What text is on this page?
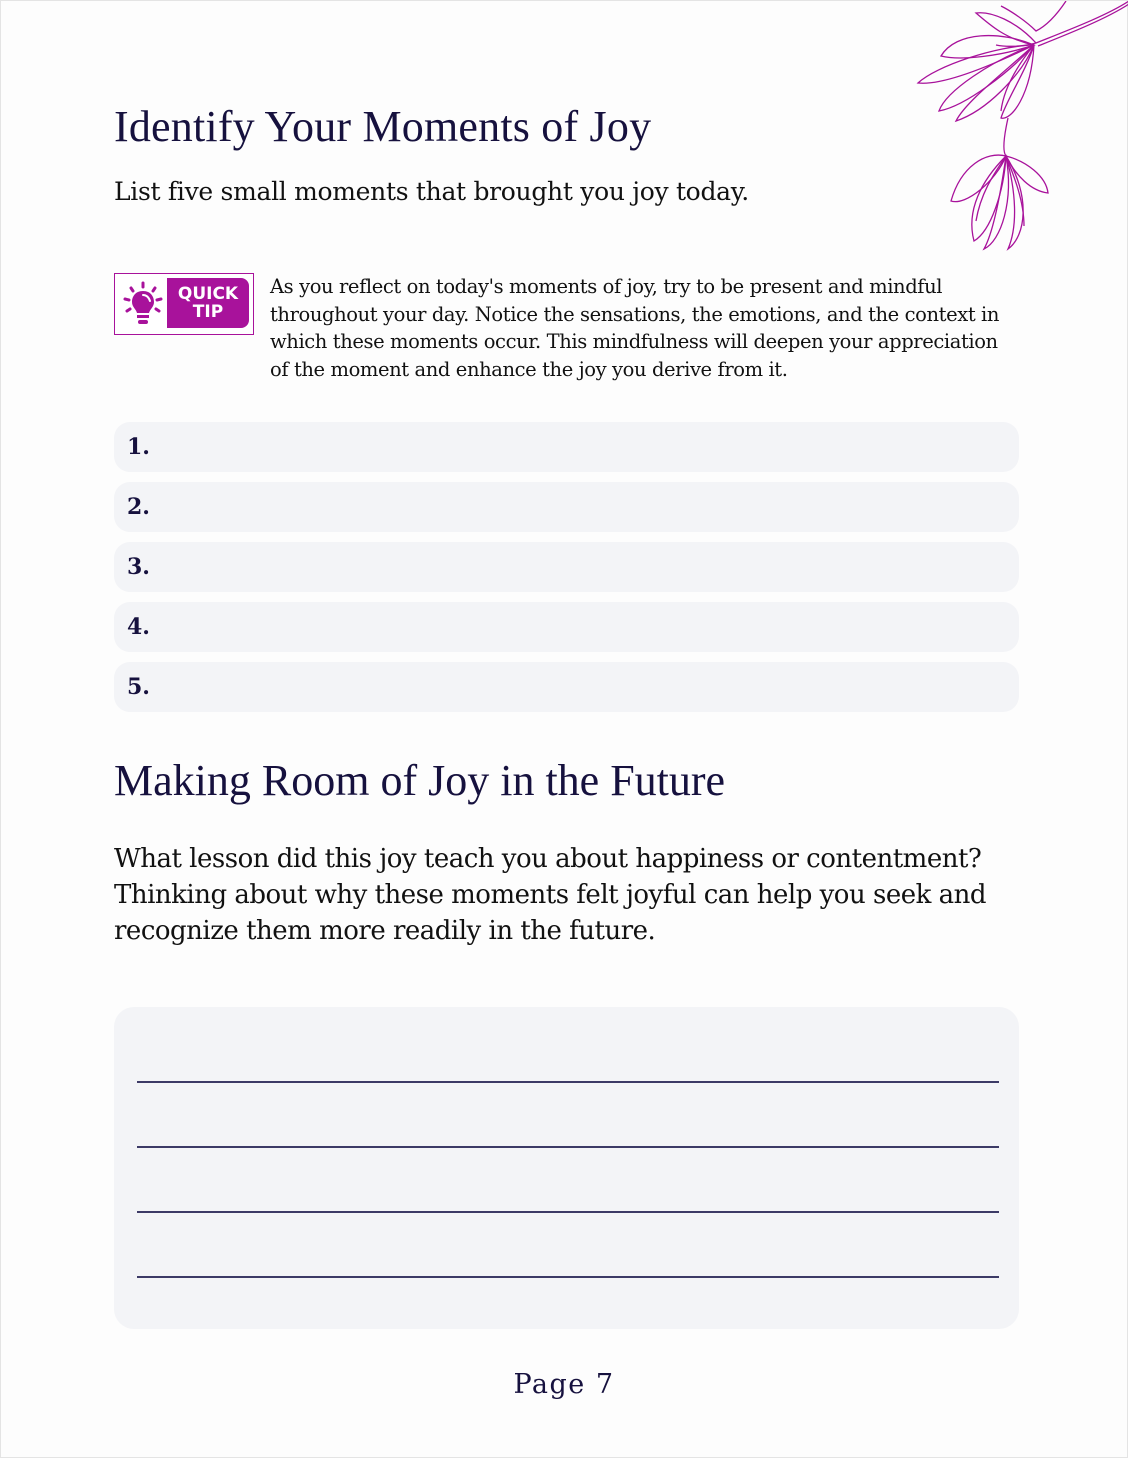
Identify Your Moments of Joy

List five small moments that brought you joy today.

QUICK
TIP

As you reflect on today's moments of joy, try to be present and mindful throughout your day. Notice the sensations, the emotions, and the context in which these moments occur. This mindfulness will deepen your appreciation of the moment and enhance the joy you derive from it.

1.
2.
3.
4.
5.
Making Room of Joy in the Future

What lesson did this joy teach you about happiness or contentment? Thinking about why these moments felt joyful can help you seek and recognize them more readily in the future.

Page 7
